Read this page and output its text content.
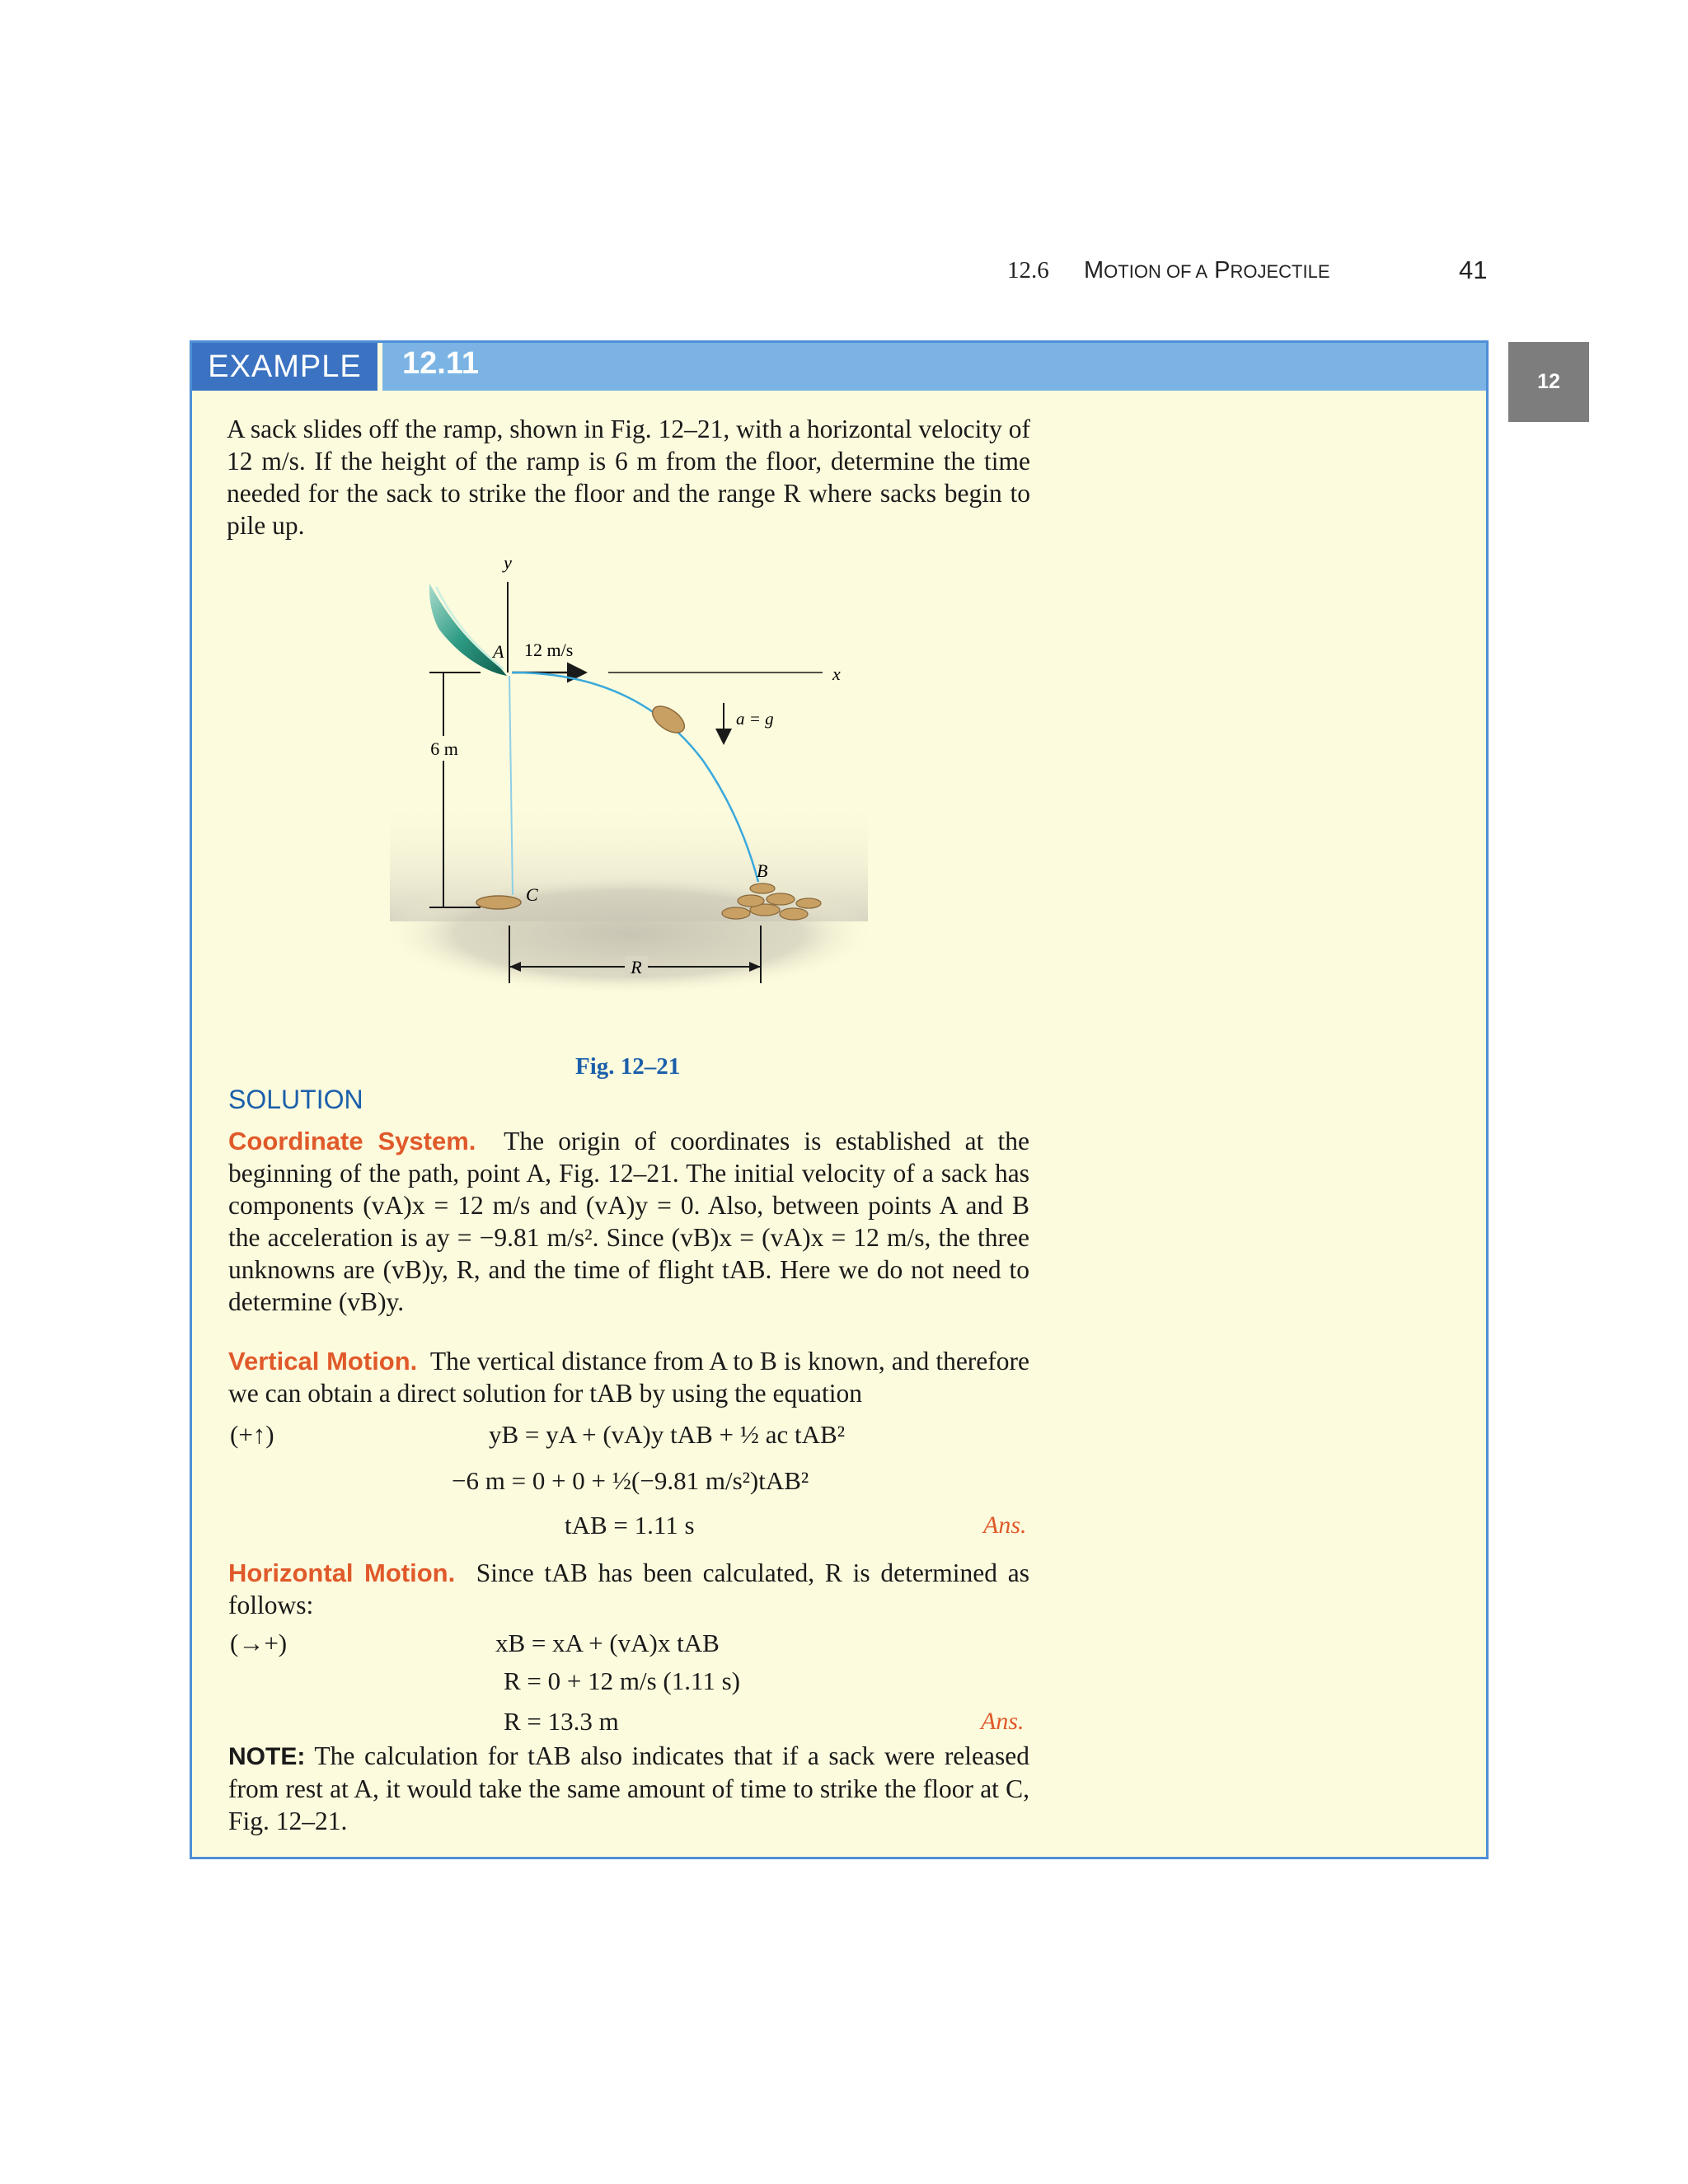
12.6 MOTION OF A PROJECTILE	41
12
EXAMPLE	12.11
A sack slides off the ramp, shown in Fig. 12–21, with a horizontal velocity of 12 m/s. If the height of the ramp is 6 m from the floor, determine the time needed for the sack to strike the floor and the range R where sacks begin to pile up.
6 m
y
x
12 m/s
A
a = g
C
B
R
Fig. 12–21
SOLUTION
Coordinate System. The origin of coordinates is established at the beginning of the path, point A, Fig. 12–21. The initial velocity of a sack has components (vA)x = 12 m/s and (vA)y = 0. Also, between points A and B the acceleration is ay = −9.81 m/s². Since (vB)x = (vA)x = 12 m/s, the three unknowns are (vB)y, R, and the time of flight tAB. Here we do not need to determine (vB)y.
Vertical Motion. The vertical distance from A to B is known, and therefore we can obtain a direct solution for tAB by using the equation
(+↑)	yB = yA + (vA)y tAB + ½ ac tAB²
−6 m = 0 + 0 + ½(−9.81 m/s²)tAB²
tAB = 1.11 s	Ans.
Horizontal Motion. Since tAB has been calculated, R is determined as follows:
(→+)	xB = xA + (vA)x tAB
R = 0 + 12 m/s (1.11 s)
R = 13.3 m	Ans.
NOTE: The calculation for tAB also indicates that if a sack were released from rest at A, it would take the same amount of time to strike the floor at C, Fig. 12–21.
